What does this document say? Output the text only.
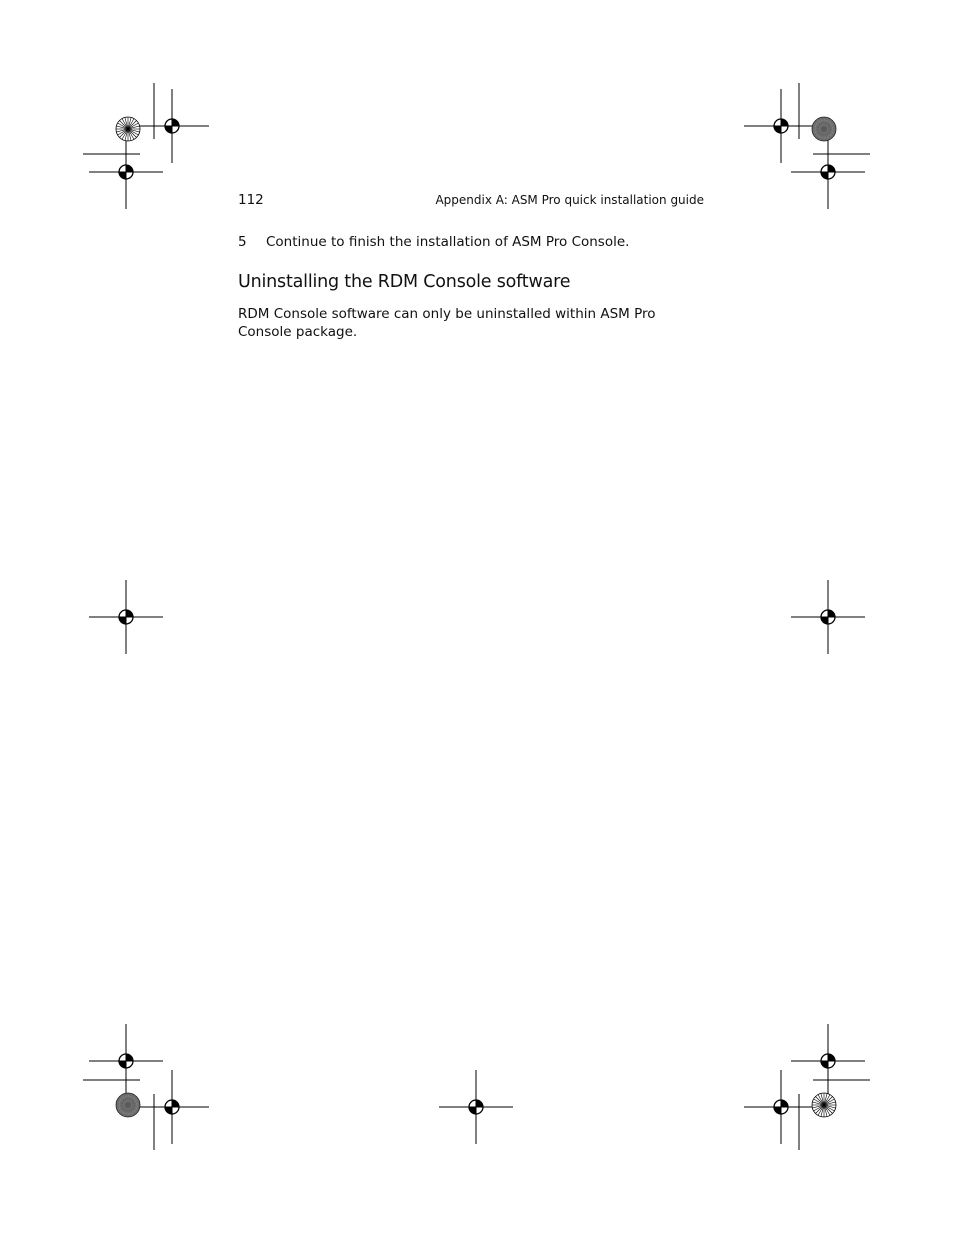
112	Appendix A: ASM Pro quick installation guide
5 Continue to finish the installation of ASM Pro Console.
Uninstalling the RDM Console software

RDM Console software can only be uninstalled within ASM Pro Console package.
